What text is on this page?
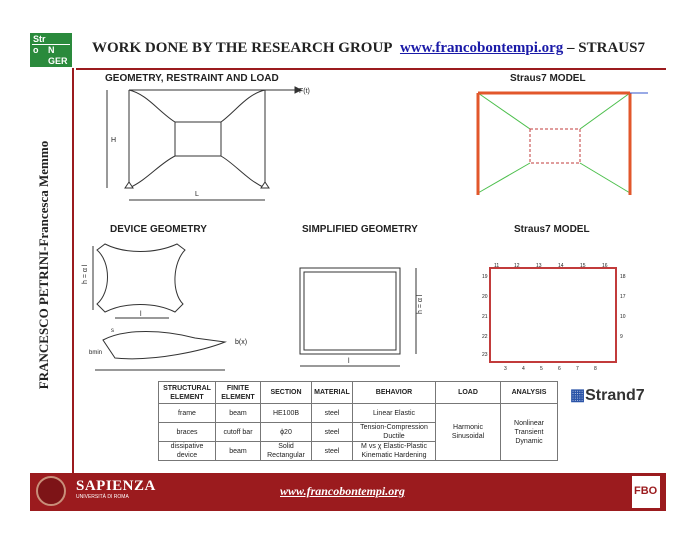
Str
o N
GER
WORK DONE BY THE RESEARCH GROUP www.francobontempi.org – STRAUS7
FRANCESCO PETRINI-Francesca Memmo
GEOMETRY, RESTRAINT AND LOAD	Straus7 MODEL
DEVICE GEOMETRY	SIMPLIFIED GEOMETRY	Straus7 MODEL
F(t)
H
L
h = α l
l
b(x)
bmin
s
h = α l
l
11	12	13	14	15	16
19
20
21
22
23
18
17
10
9
3	4	5	6	7	8
STRUCTURAL ELEMENT	FINITE ELEMENT	SECTION	MATERIAL	BEHAVIOR	LOAD	ANALYSIS
frame	beam	HE100B	steel	Linear Elastic	Harmonic Sinusoidal	Nonlinear Transient Dynamic
braces	cutoff bar	ϕ20	steel	Tension-Compression Ductile		
dissipative device	beam	Solid Rectangular	steel	M vs χ Elastic-Plastic Kinematic Hardening		
▦Strand7
SAPIENZA
UNIVERSITÀ DI ROMA	www.francobontempi.org	FBO
